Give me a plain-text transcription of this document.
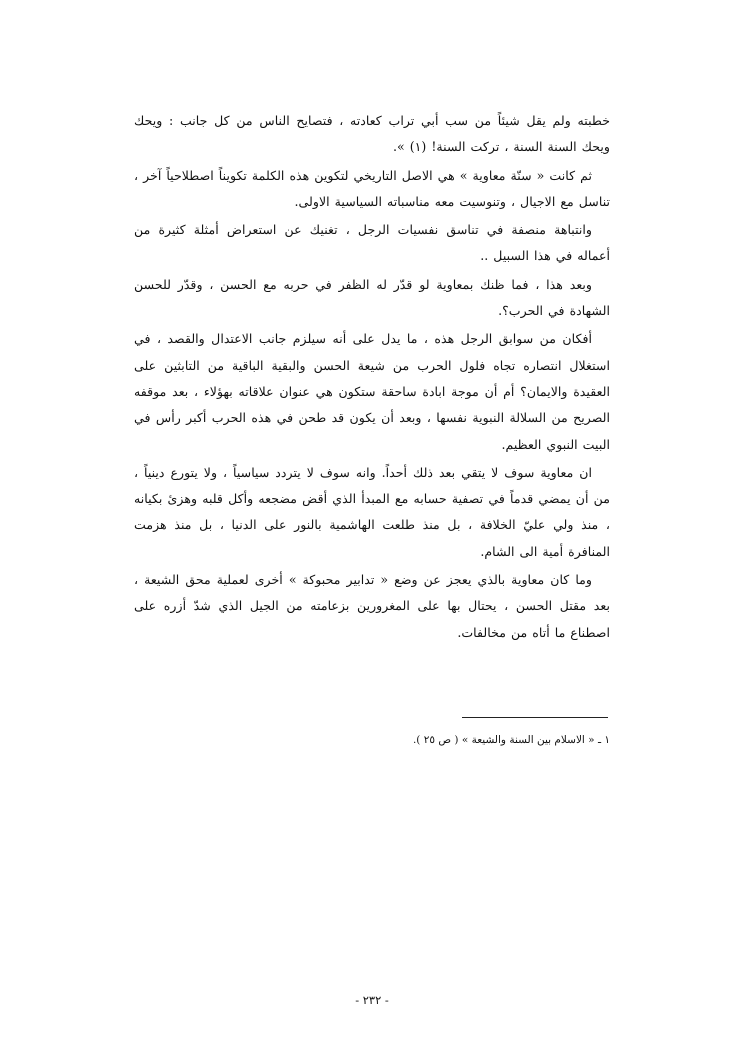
خطبته ولم يقل شيئاً من سب أبي تراب كعادته ، فتصايح الناس من كل جانب : ويحك ويحك السنة السنة ، تركت السنة! (١) ».

ثم كانت « سنّة معاوية » هي الاصل التاريخي لتكوين هذه الكلمة تكويناً اصطلاحياً آخر ، تناسل مع الاجيال ، وتنوسيت معه مناسباته السياسية الاولى.

وانتباهة منصفة في تناسق نفسيات الرجل ، تغنيك عن استعراض أمثلة كثيرة من أعماله في هذا السبيل ..

وبعد هذا ، فما ظنك بمعاوية لو قدّر له الظفر في حربه مع الحسن ، وقدّر للحسن الشهادة في الحرب؟.

أفكان من سوابق الرجل هذه ، ما يدل على أنه سيلزم جانب الاعتدال والقصد ، في استغلال انتصاره تجاه فلول الحرب من شيعة الحسن والبقية الباقية من التابثين على العقيدة والايمان؟ أم أن موجة ابادة ساحقة ستكون هي عنوان علاقاته بهؤلاء ، بعد موقفه الصريح من السلالة النبوية نفسها ، وبعد أن يكون قد طحن في هذه الحرب أكبر رأس في البيت النبوي العظيم.

ان معاوية سوف لا يتقي بعد ذلك أحداً. وانه سوف لا يتردد سياسياً ، ولا يتورع دينياً ، من أن يمضي قدماً في تصفية حسابه مع المبدأ الذي أقض مضجعه وأكل قلبه وهزئ بكيانه ، منذ ولي عليّ الخلافة ، بل منذ طلعت الهاشمية بالنور على الدنيا ، بل منذ هزمت المنافرة أمية الى الشام.

وما كان معاوية بالذي يعجز عن وضع « تدابير محبوكة » أخرى لعملية محق الشيعة ، بعد مقتل الحسن ، يحتال بها على المغرورين بزعامته من الجيل الذي شدّ أزره على اصطناع ما أتاه من مخالفات.

١ ـ « الاسلام بين السنة والشيعة » ( ص ٢٥ ).

- ٢٣٢ -
